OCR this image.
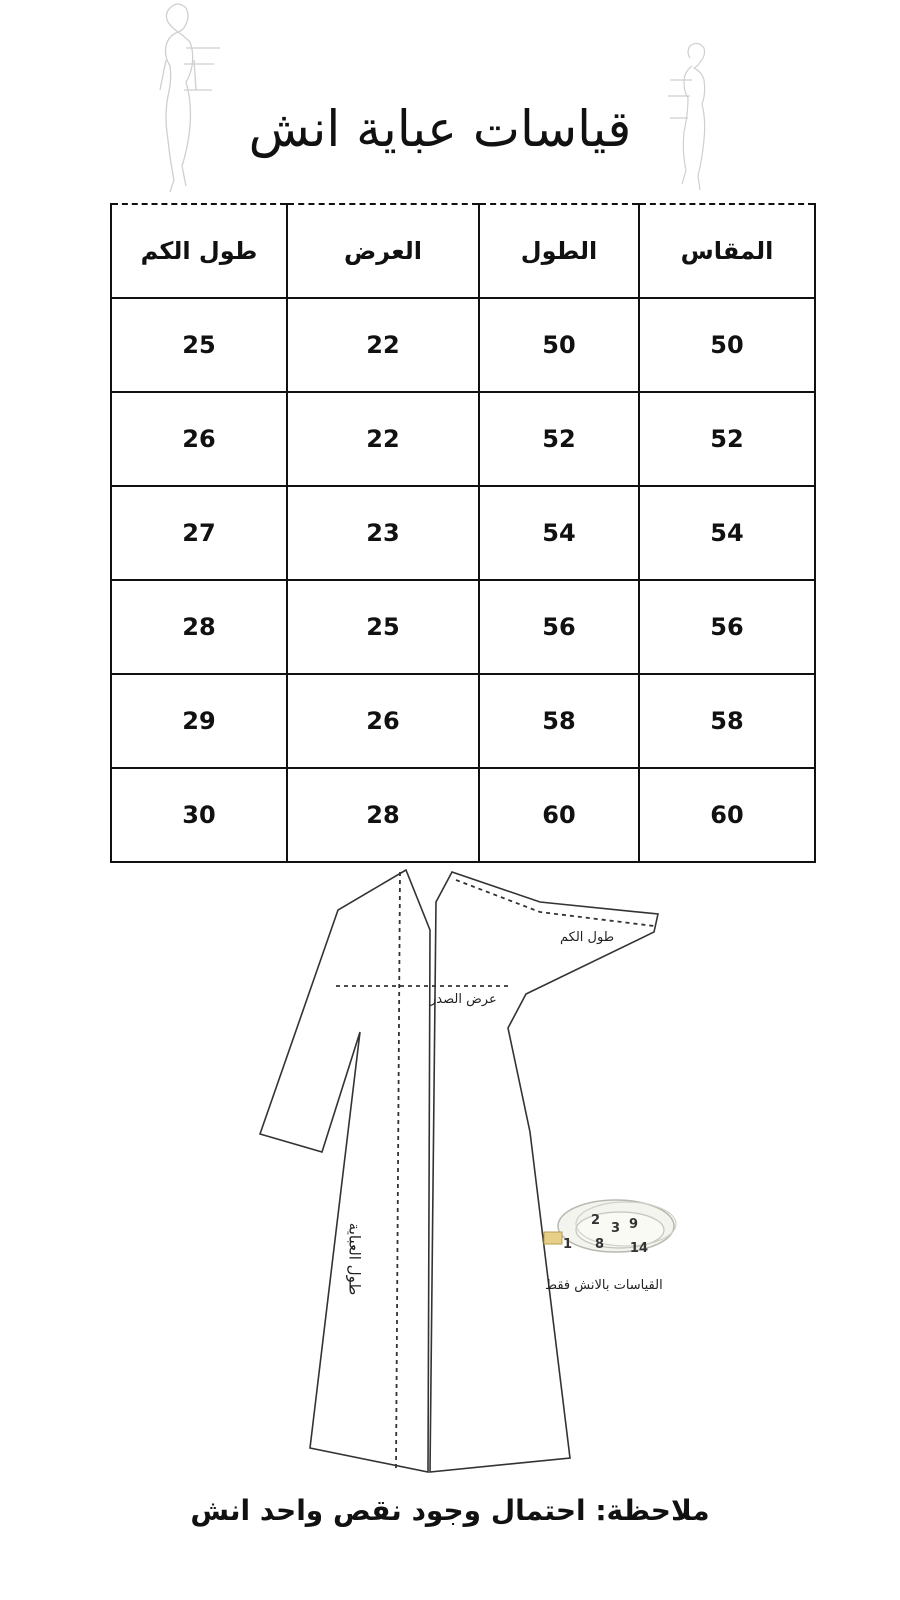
قياسات عباية انش
المقاس	الطول	العرض	طول الكم
50	50	22	25
52	52	22	26
54	54	23	27
56	56	25	28
58	58	26	29
60	60	28	30
طول الكم
عرض الصدر
طول العباية	1
2
3
8
9
14
القياسات بالانش فقط

ملاحظة: احتمال وجود نقص واحد انش
